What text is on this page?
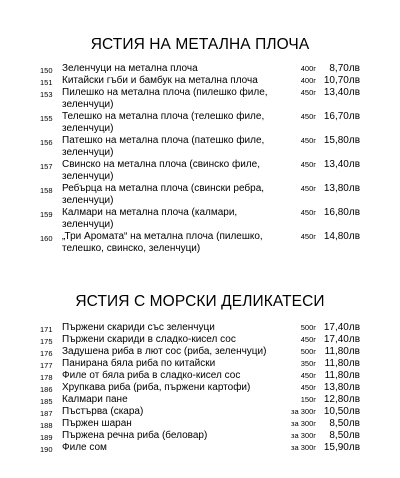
ЯСТИЯ НА МЕТАЛНА ПЛОЧА
150 Зеленчуци на метална плоча	400г	8,70лв
151 Китайски гъби и бамбук на метална плоча	400г 10,70лв
153 Пилешко на метална плоча (пилешко филе, зеленчуци)
450г 13,40лв
155 Телешко на метална плоча (телешко филе, зеленчуци)
450г 16,70лв
156 Патешко на метална плоча (патешко филе, зеленчуци)
450г 15,80лв
157 Свинско на метална плоча (свинско филе, зеленчуци)
450г 13,40лв
158 Ребърца на метална плоча (свински ребра, зеленчуци)
450г 13,80лв
159 Калмари на метална плоча (калмари, зеленчуци)
450г 16,80лв
160 „Три Аромата“ на метална плоча (пилешко, телешко, свинско, зеленчуци)
450г 14,80лв
ЯСТИЯ С МОРСКИ ДЕЛИКАТЕСИ
171 Пържени скариди със зеленчуци	500г 17,40лв
175 Пържени скариди в сладко-кисел сос	450г 17,40лв
176 Задушена риба в лют сос (риба, зеленчуци)	500г 11,80лв
177 Панирана бяла риба по китайски	350г 11,80лв
178 Филе от бяла риба в сладко-кисел сос	450г 11,80лв
186 Хрупкава риба (риба, пържени картофи)	450г 13,80лв
185 Калмари пане	150г 12,80лв
187 Пъстърва (скара)	за 300г 10,50лв
188 Пържен шаран	за 300г	8,50лв
189 Пържена речна риба (беловар)	за 300г	8,50лв
190 Филе сом	за 300г 15,90лв
